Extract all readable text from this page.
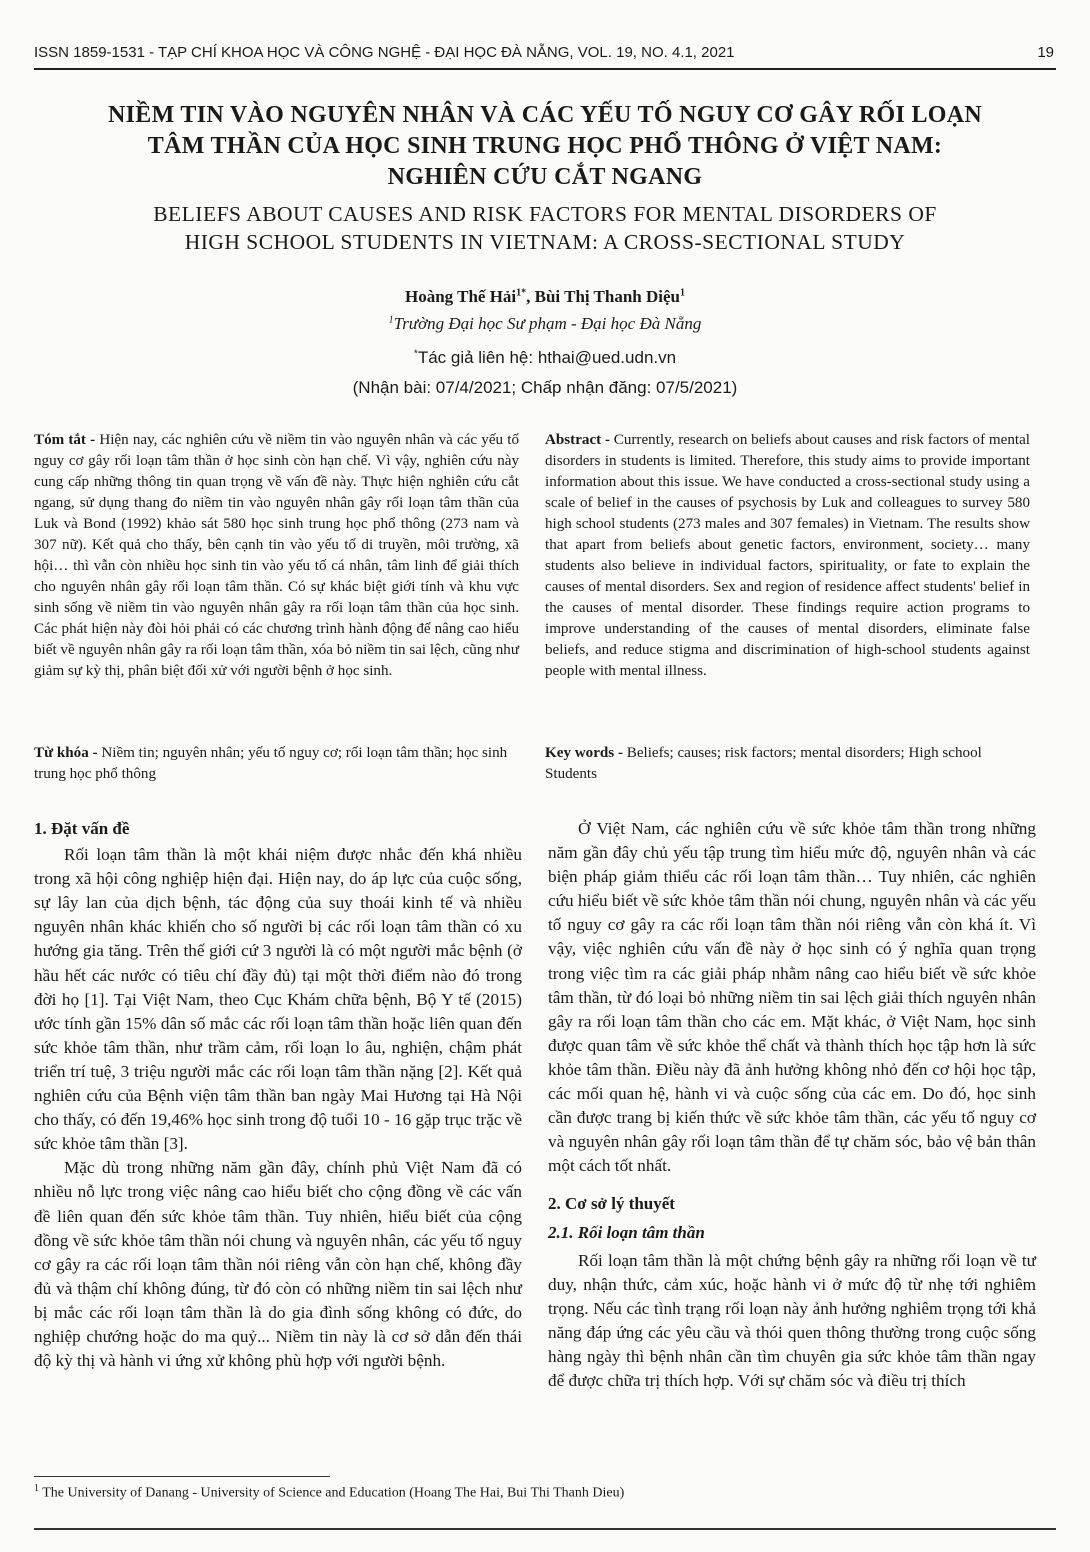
ISSN 1859-1531 - TẠP CHÍ KHOA HỌC VÀ CÔNG NGHỆ - ĐẠI HỌC ĐÀ NẴNG, VOL. 19, NO. 4.1, 2021	19
NIỀM TIN VÀO NGUYÊN NHÂN VÀ CÁC YẾU TỐ NGUY CƠ GÂY RỐI LOẠN
TÂM THẦN CỦA HỌC SINH TRUNG HỌC PHỔ THÔNG Ở VIỆT NAM:
NGHIÊN CỨU CẮT NGANG
BELIEFS ABOUT CAUSES AND RISK FACTORS FOR MENTAL DISORDERS OF
HIGH SCHOOL STUDENTS IN VIETNAM: A CROSS-SECTIONAL STUDY
Hoàng Thế Hải$^{1*}$, Bùi Thị Thanh Diệu$^1$
$^1$Trường Đại học Sư phạm - Đại học Đà Nẵng
*Tác giả liên hệ: hthai@ued.udn.vn
(Nhận bài: 07/4/2021; Chấp nhận đăng: 07/5/2021)
Tóm tắt - Hiện nay, các nghiên cứu về niềm tin vào nguyên nhân và các yếu tố nguy cơ gây rối loạn tâm thần ở học sinh còn hạn chế. Vì vậy, nghiên cứu này cung cấp những thông tin quan trọng về vấn đề này. Thực hiện nghiên cứu cắt ngang, sử dụng thang đo niềm tin vào nguyên nhân gây rối loạn tâm thần của Luk và Bond (1992) khảo sát 580 học sinh trung học phổ thông (273 nam và 307 nữ). Kết quả cho thấy, bên cạnh tin vào yếu tố di truyền, môi trường, xã hội… thì vẫn còn nhiều học sinh tin vào yếu tố cá nhân, tâm linh để giải thích cho nguyên nhân gây rối loạn tâm thần. Có sự khác biệt giới tính và khu vực sinh sống về niềm tin vào nguyên nhân gây ra rối loạn tâm thần của học sinh. Các phát hiện này đòi hỏi phải có các chương trình hành động để nâng cao hiểu biết về nguyên nhân gây ra rối loạn tâm thần, xóa bỏ niềm tin sai lệch, cũng như giảm sự kỳ thị, phân biệt đối xử với người bệnh ở học sinh.
Abstract - Currently, research on beliefs about causes and risk factors of mental disorders in students is limited. Therefore, this study aims to provide important information about this issue. We have conducted a cross-sectional study using a scale of belief in the causes of psychosis by Luk and colleagues to survey 580 high school students (273 males and 307 females) in Vietnam. The results show that apart from beliefs about genetic factors, environment, society… many students also believe in individual factors, spirituality, or fate to explain the causes of mental disorders. Sex and region of residence affect students' belief in the causes of mental disorder. These findings require action programs to improve understanding of the causes of mental disorders, eliminate false beliefs, and reduce stigma and discrimination of high-school students against people with mental illness.
Từ khóa - Niềm tin; nguyên nhân; yếu tố nguy cơ; rối loạn tâm thần; học sinh trung học phổ thông
Key words - Beliefs; causes; risk factors; mental disorders; High school Students
1. Đặt vấn đề

Rối loạn tâm thần là một khái niệm được nhắc đến khá nhiều trong xã hội công nghiệp hiện đại. Hiện nay, do áp lực của cuộc sống, sự lây lan của dịch bệnh, tác động của suy thoái kinh tế và nhiều nguyên nhân khác khiến cho số người bị các rối loạn tâm thần có xu hướng gia tăng. Trên thế giới cứ 3 người là có một người mắc bệnh (ở hầu hết các nước có tiêu chí đầy đủ) tại một thời điểm nào đó trong đời họ [1]. Tại Việt Nam, theo Cục Khám chữa bệnh, Bộ Y tế (2015) ước tính gần 15% dân số mắc các rối loạn tâm thần hoặc liên quan đến sức khỏe tâm thần, như trầm cảm, rối loạn lo âu, nghiện, chậm phát triển trí tuệ, 3 triệu người mắc các rối loạn tâm thần nặng [2]. Kết quả nghiên cứu của Bệnh viện tâm thần ban ngày Mai Hương tại Hà Nội cho thấy, có đến 19,46% học sinh trong độ tuổi 10 - 16 gặp trục trặc về sức khỏe tâm thần [3].

Mặc dù trong những năm gần đây, chính phủ Việt Nam đã có nhiều nỗ lực trong việc nâng cao hiểu biết cho cộng đồng về các vấn đề liên quan đến sức khỏe tâm thần. Tuy nhiên, hiểu biết của cộng đồng về sức khỏe tâm thần nói chung và nguyên nhân, các yếu tố nguy cơ gây ra các rối loạn tâm thần nói riêng vẫn còn hạn chế, không đầy đủ và thậm chí không đúng, từ đó còn có những niềm tin sai lệch như bị mắc các rối loạn tâm thần là do gia đình sống không có đức, do nghiệp chướng hoặc do ma quỷ... Niềm tin này là cơ sở dẫn đến thái độ kỳ thị và hành vi ứng xử không phù hợp với người bệnh.

Ở Việt Nam, các nghiên cứu về sức khỏe tâm thần trong những năm gần đây chủ yếu tập trung tìm hiểu mức độ, nguyên nhân và các biện pháp giảm thiểu các rối loạn tâm thần… Tuy nhiên, các nghiên cứu hiểu biết về sức khỏe tâm thần nói chung, nguyên nhân và các yếu tố nguy cơ gây ra các rối loạn tâm thần nói riêng vẫn còn khá ít. Vì vậy, việc nghiên cứu vấn đề này ở học sinh có ý nghĩa quan trọng trong việc tìm ra các giải pháp nhằm nâng cao hiểu biết về sức khỏe tâm thần, từ đó loại bỏ những niềm tin sai lệch giải thích nguyên nhân gây ra rối loạn tâm thần cho các em. Mặt khác, ở Việt Nam, học sinh được quan tâm về sức khỏe thể chất và thành thích học tập hơn là sức khỏe tâm thần. Điều này đã ảnh hưởng không nhỏ đến cơ hội học tập, các mối quan hệ, hành vi và cuộc sống của các em. Do đó, học sinh cần được trang bị kiến thức về sức khỏe tâm thần, các yếu tố nguy cơ và nguyên nhân gây rối loạn tâm thần để tự chăm sóc, bảo vệ bản thân một cách tốt nhất.

2. Cơ sở lý thuyết
2.1. Rối loạn tâm thần

Rối loạn tâm thần là một chứng bệnh gây ra những rối loạn về tư duy, nhận thức, cảm xúc, hoặc hành vi ở mức độ từ nhẹ tới nghiêm trọng. Nếu các tình trạng rối loạn này ảnh hưởng nghiêm trọng tới khả năng đáp ứng các yêu cầu và thói quen thông thường trong cuộc sống hàng ngày thì bệnh nhân cần tìm chuyên gia sức khỏe tâm thần ngay để được chữa trị thích hợp. Với sự chăm sóc và điều trị thích

$^1$ The University of Danang - University of Science and Education (Hoang The Hai, Bui Thi Thanh Dieu)
